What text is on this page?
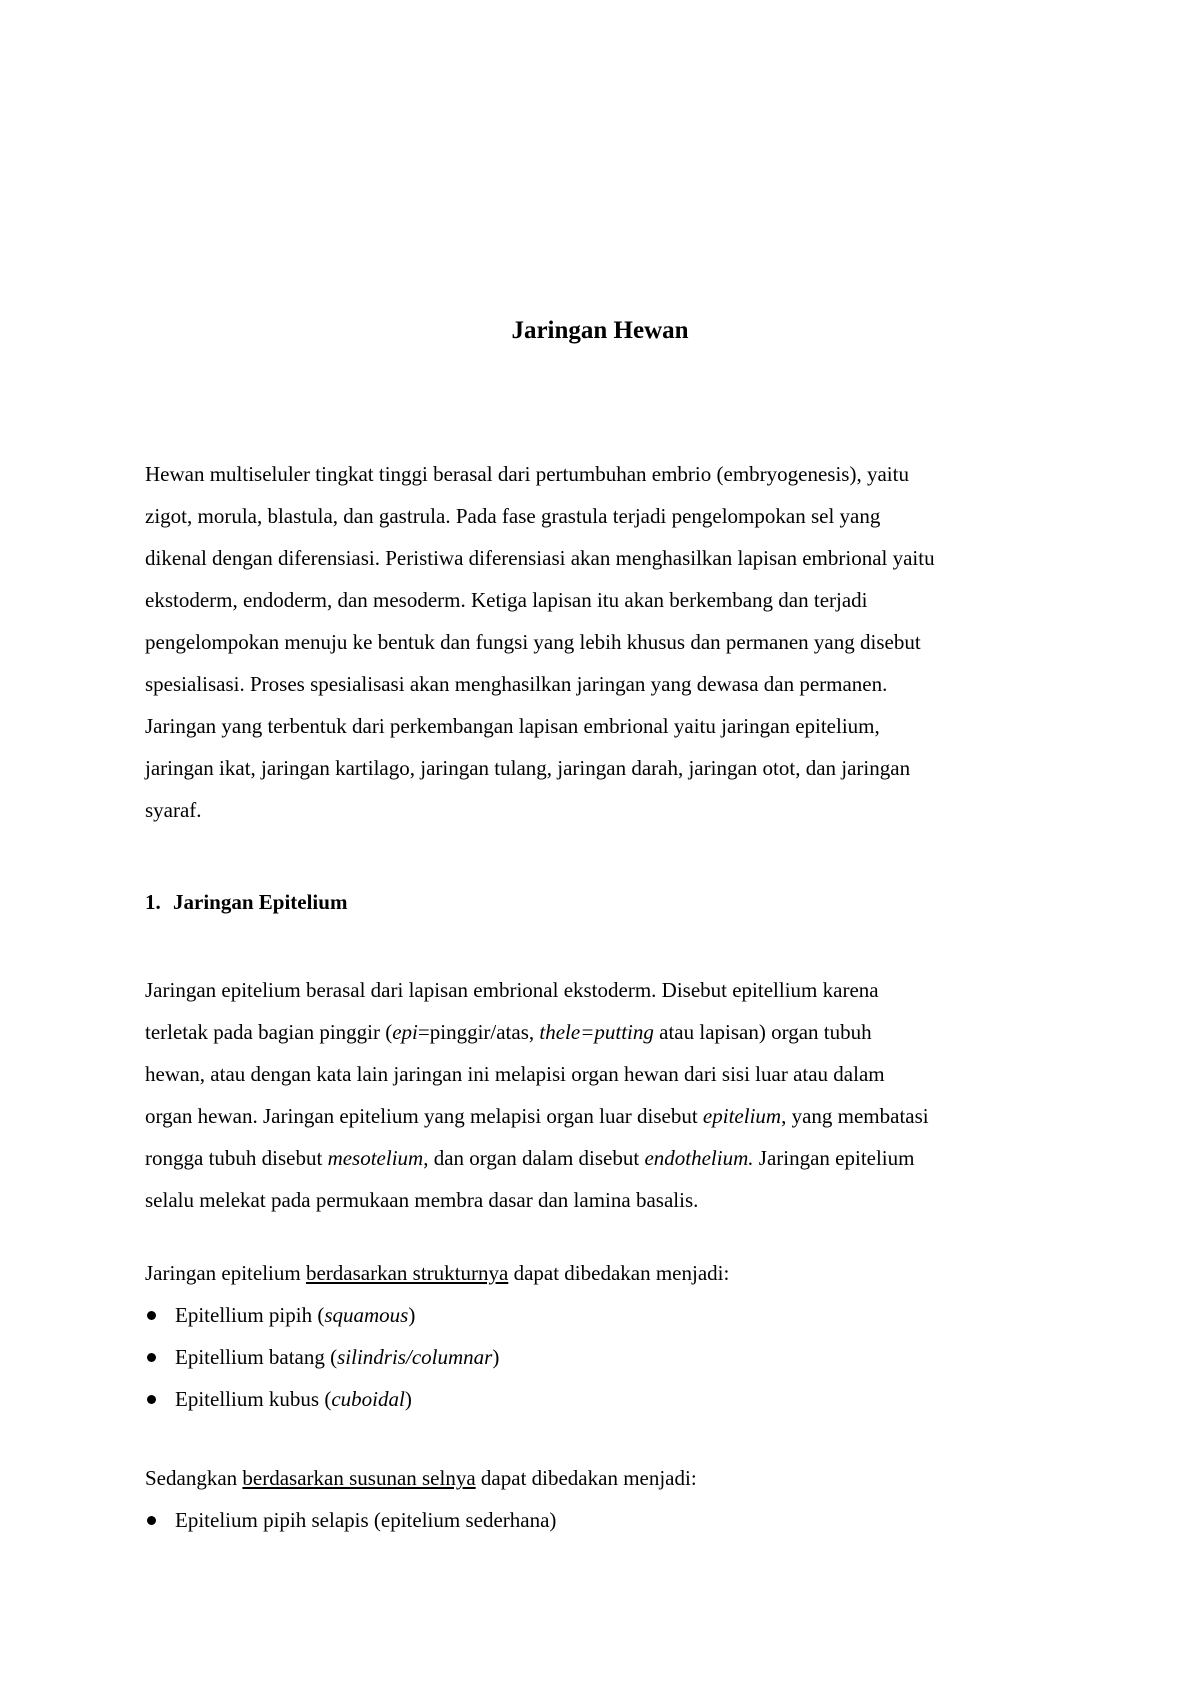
Jaringan Hewan

Hewan multiseluler tingkat tinggi berasal dari pertumbuhan embrio (embryogenesis), yaitu

zigot, morula, blastula, dan gastrula. Pada fase grastula terjadi pengelompokan sel yang

dikenal dengan diferensiasi. Peristiwa diferensiasi akan menghasilkan lapisan embrional yaitu

ekstoderm, endoderm, dan mesoderm. Ketiga lapisan itu akan berkembang dan terjadi

pengelompokan menuju ke bentuk dan fungsi yang lebih khusus dan permanen yang disebut

spesialisasi. Proses spesialisasi akan menghasilkan jaringan yang dewasa dan permanen.

Jaringan yang terbentuk dari perkembangan lapisan embrional yaitu jaringan epitelium,

jaringan ikat, jaringan kartilago, jaringan tulang, jaringan darah, jaringan otot, dan jaringan

syaraf.

1. Jaringan Epitelium

Jaringan epitelium berasal dari lapisan embrional ekstoderm. Disebut epitellium karena

terletak pada bagian pinggir (epi=pinggir/atas, thele=putting atau lapisan) organ tubuh

hewan, atau dengan kata lain jaringan ini melapisi organ hewan dari sisi luar atau dalam

organ hewan. Jaringan epitelium yang melapisi organ luar disebut epitelium, yang membatasi

rongga tubuh disebut mesotelium, dan organ dalam disebut endothelium. Jaringan epitelium

selalu melekat pada permukaan membra dasar dan lamina basalis.

Jaringan epitelium berdasarkan strukturnya dapat dibedakan menjadi:

Epitellium pipih (squamous)
Epitellium batang (silindris/columnar)
Epitellium kubus (cuboidal)

Sedangkan berdasarkan susunan selnya dapat dibedakan menjadi:

Epitelium pipih selapis (epitelium sederhana)
